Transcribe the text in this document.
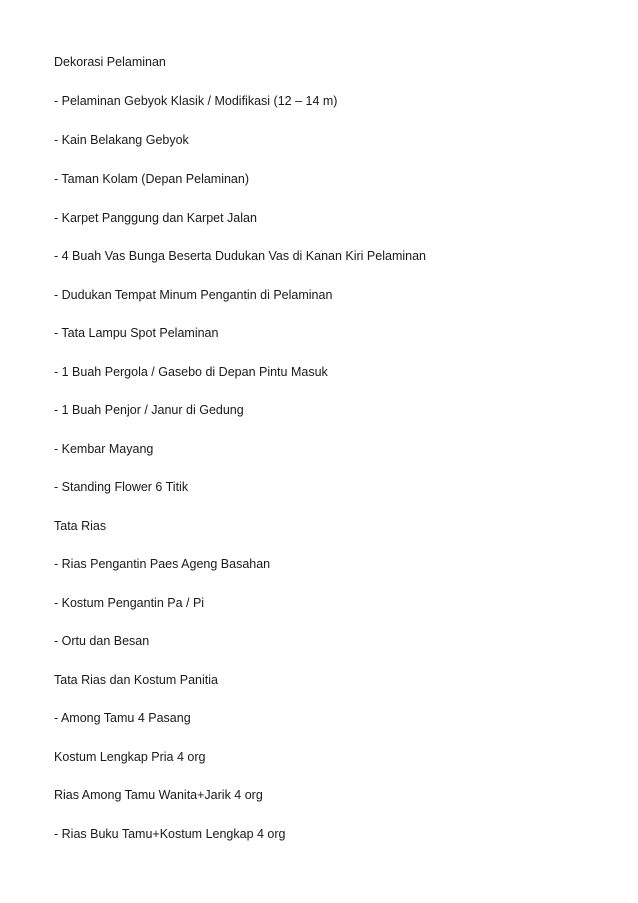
Dekorasi Pelaminan
- Pelaminan Gebyok Klasik / Modifikasi (12 – 14 m)
- Kain Belakang Gebyok
- Taman Kolam (Depan Pelaminan)
- Karpet Panggung dan Karpet Jalan
- 4 Buah Vas Bunga Beserta Dudukan Vas di Kanan Kiri Pelaminan
- Dudukan Tempat Minum Pengantin di Pelaminan
- Tata Lampu Spot Pelaminan
- 1 Buah Pergola / Gasebo di Depan Pintu Masuk
- 1 Buah Penjor / Janur di Gedung
- Kembar Mayang
- Standing Flower 6 Titik
Tata Rias
- Rias Pengantin Paes Ageng Basahan
- Kostum Pengantin Pa / Pi
- Ortu dan Besan
Tata Rias dan Kostum Panitia
- Among Tamu 4 Pasang
Kostum Lengkap Pria 4 org
Rias Among Tamu Wanita+Jarik 4 org
- Rias Buku Tamu+Kostum Lengkap 4 org
